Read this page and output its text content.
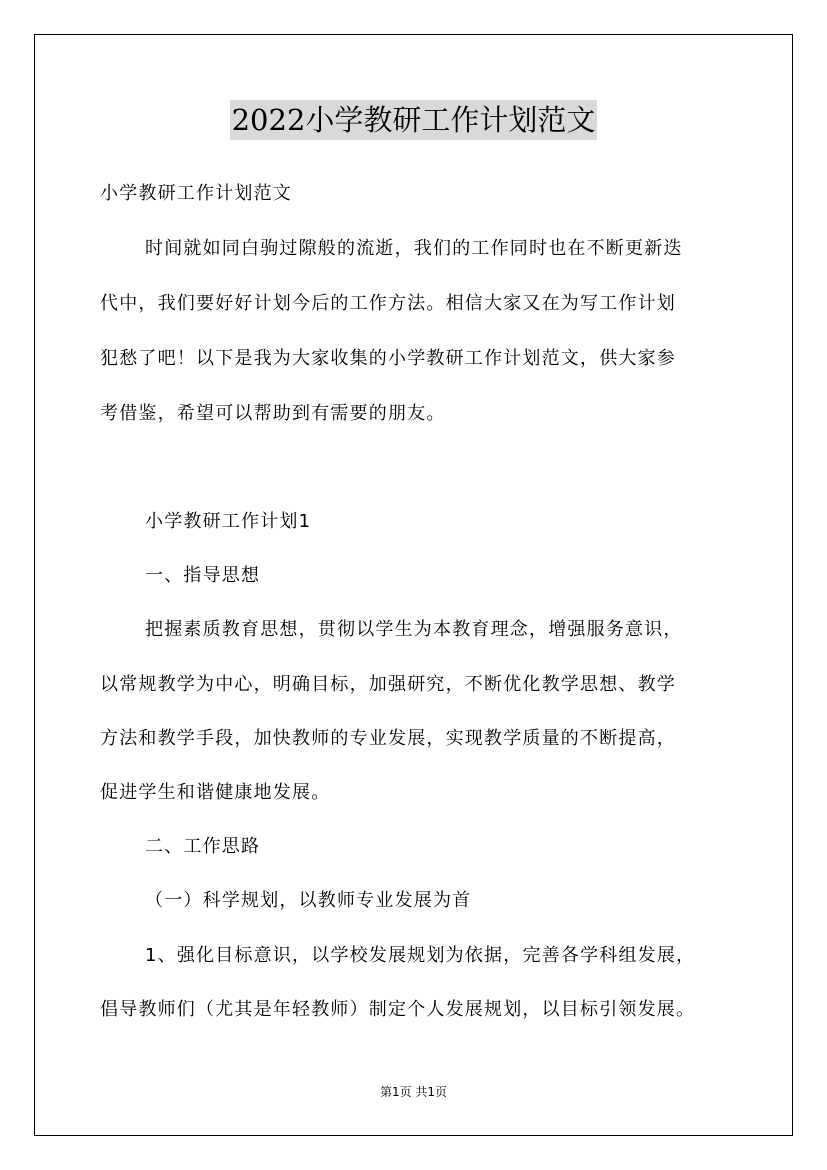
2022小学教研工作计划范文
小学教研工作计划范文
时间就如同白驹过隙般的流逝，我们的工作同时也在不断更新迭
代中，我们要好好计划今后的工作方法。相信大家又在为写工作计划
犯愁了吧！以下是我为大家收集的小学教研工作计划范文，供大家参
考借鉴，希望可以帮助到有需要的朋友。
小学教研工作计划1
一、指导思想
把握素质教育思想，贯彻以学生为本教育理念，增强服务意识，
以常规教学为中心，明确目标，加强研究，不断优化教学思想、教学
方法和教学手段，加快教师的专业发展，实现教学质量的不断提高，
促进学生和谐健康地发展。
二、工作思路
（一）科学规划，以教师专业发展为首
1、强化目标意识，以学校发展规划为依据，完善各学科组发展，
倡导教师们（尤其是年轻教师）制定个人发展规划，以目标引领发展。
第1页 共1页
